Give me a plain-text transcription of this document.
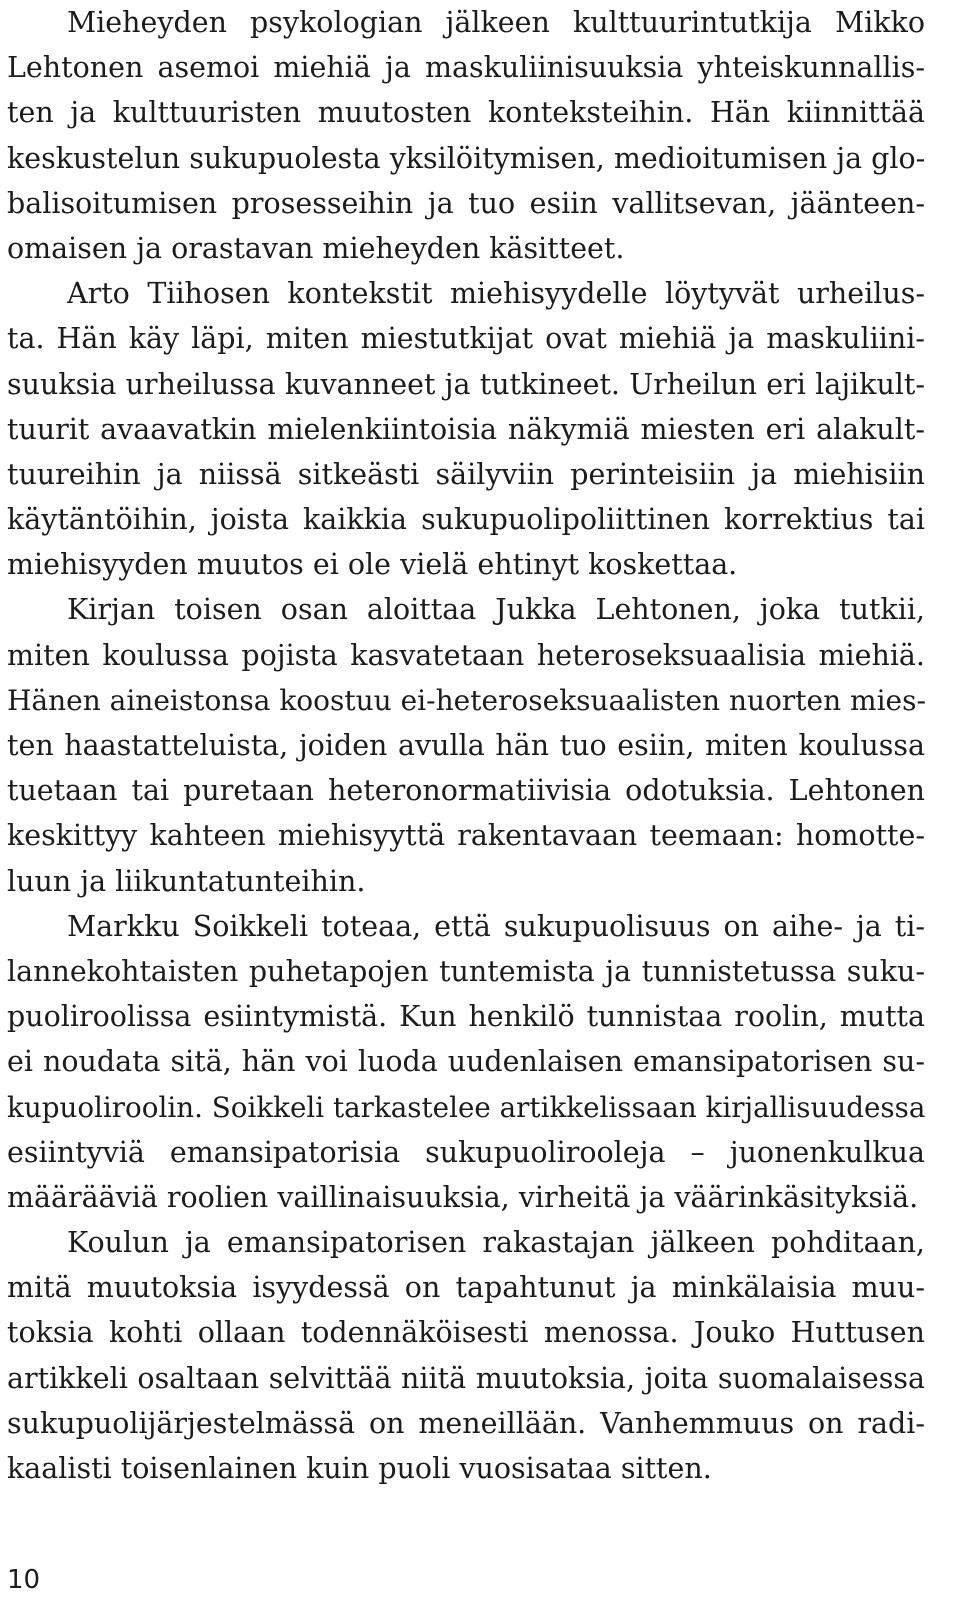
Mieheyden psykologian jälkeen kulttuurintutkija Mikko
Lehtonen asemoi miehiä ja maskuliinisuuksia yhteiskunnallis-
ten ja kulttuuristen muutosten konteksteihin. Hän kiinnittää
keskustelun sukupuolesta yksilöitymisen, medioitumisen ja glo-
balisoitumisen prosesseihin ja tuo esiin vallitsevan, jäänteen-
omaisen ja orastavan mieheyden käsitteet.
Arto Tiihosen kontekstit miehisyydelle löytyvät urheilus-
ta. Hän käy läpi, miten miestutkijat ovat miehiä ja maskuliini-
suuksia urheilussa kuvanneet ja tutkineet. Urheilun eri lajikult-
tuurit avaavatkin mielenkiintoisia näkymiä miesten eri alakult-
tuureihin ja niissä sitkeästi säilyviin perinteisiin ja miehisiin
käytäntöihin, joista kaikkia sukupuolipoliittinen korrektius tai
miehisyyden muutos ei ole vielä ehtinyt koskettaa.
Kirjan toisen osan aloittaa Jukka Lehtonen, joka tutkii,
miten koulussa pojista kasvatetaan heteroseksuaalisia miehiä.
Hänen aineistonsa koostuu ei-heteroseksuaalisten nuorten mies-
ten haastatteluista, joiden avulla hän tuo esiin, miten koulussa
tuetaan tai puretaan heteronormatiivisia odotuksia. Lehtonen
keskittyy kahteen miehisyyttä rakentavaan teemaan: homotte-
luun ja liikuntatunteihin.
Markku Soikkeli toteaa, että sukupuolisuus on aihe- ja ti-
lannekohtaisten puhetapojen tuntemista ja tunnistetussa suku-
puoliroolissa esiintymistä. Kun henkilö tunnistaa roolin, mutta
ei noudata sitä, hän voi luoda uudenlaisen emansipatorisen su-
kupuoliroolin. Soikkeli tarkastelee artikkelissaan kirjallisuudessa
esiintyviä emansipatorisia sukupuolirooleja – juonenkulkua
määrääviä roolien vaillinaisuuksia, virheitä ja väärinkäsityksiä.
Koulun ja emansipatorisen rakastajan jälkeen pohditaan,
mitä muutoksia isyydessä on tapahtunut ja minkälaisia muu-
toksia kohti ollaan todennäköisesti menossa. Jouko Huttusen
artikkeli osaltaan selvittää niitä muutoksia, joita suomalaisessa
sukupuolijärjestelmässä on meneillään. Vanhemmuus on radi-
kaalisti toisenlainen kuin puoli vuosisataa sitten.
10
